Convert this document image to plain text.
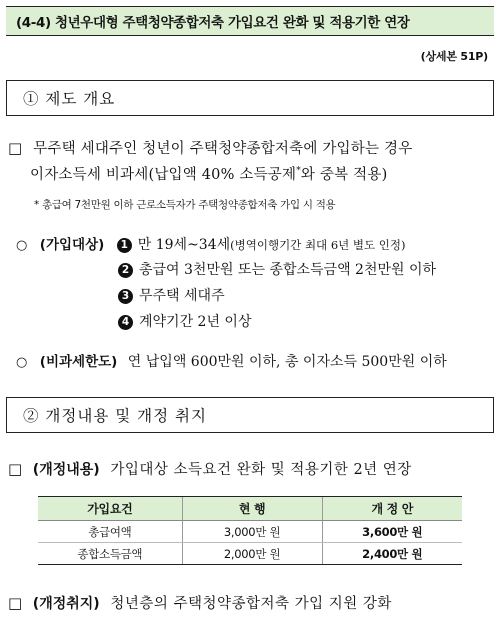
(4-4) 청년우대형 주택청약종합저축 가입요건 완화 및 적용기한 연장
(상세본 51P)
① 제도 개요
□ 무주택 세대주인 청년이 주택청약종합저축에 가입하는 경우
이자소득세 비과세(납입액 40% 소득공제*와 중복 적용)
* 총급여 7천만원 이하 근로소득자가 주택청약종합저축 가입 시 적용
○ (가입대상) 1 만 19세~34세(병역이행기간 최대 6년 별도 인정)
2 총급여 3천만원 또는 종합소득금액 2천만원 이하
3 무주택 세대주
4 계약기간 2년 이상
○ (비과세한도) 연 납입액 600만원 이하, 총 이자소득 500만원 이하
② 개정내용 및 개정 취지
□ (개정내용) 가입대상 소득요건 완화 및 적용기한 2년 연장
가입요건	현 행	개 정 안
총급여액	3,000만 원	3,600만 원
종합소득금액	2,000만 원	2,400만 원
□ (개정취지) 청년층의 주택청약종합저축 가입 지원 강화
